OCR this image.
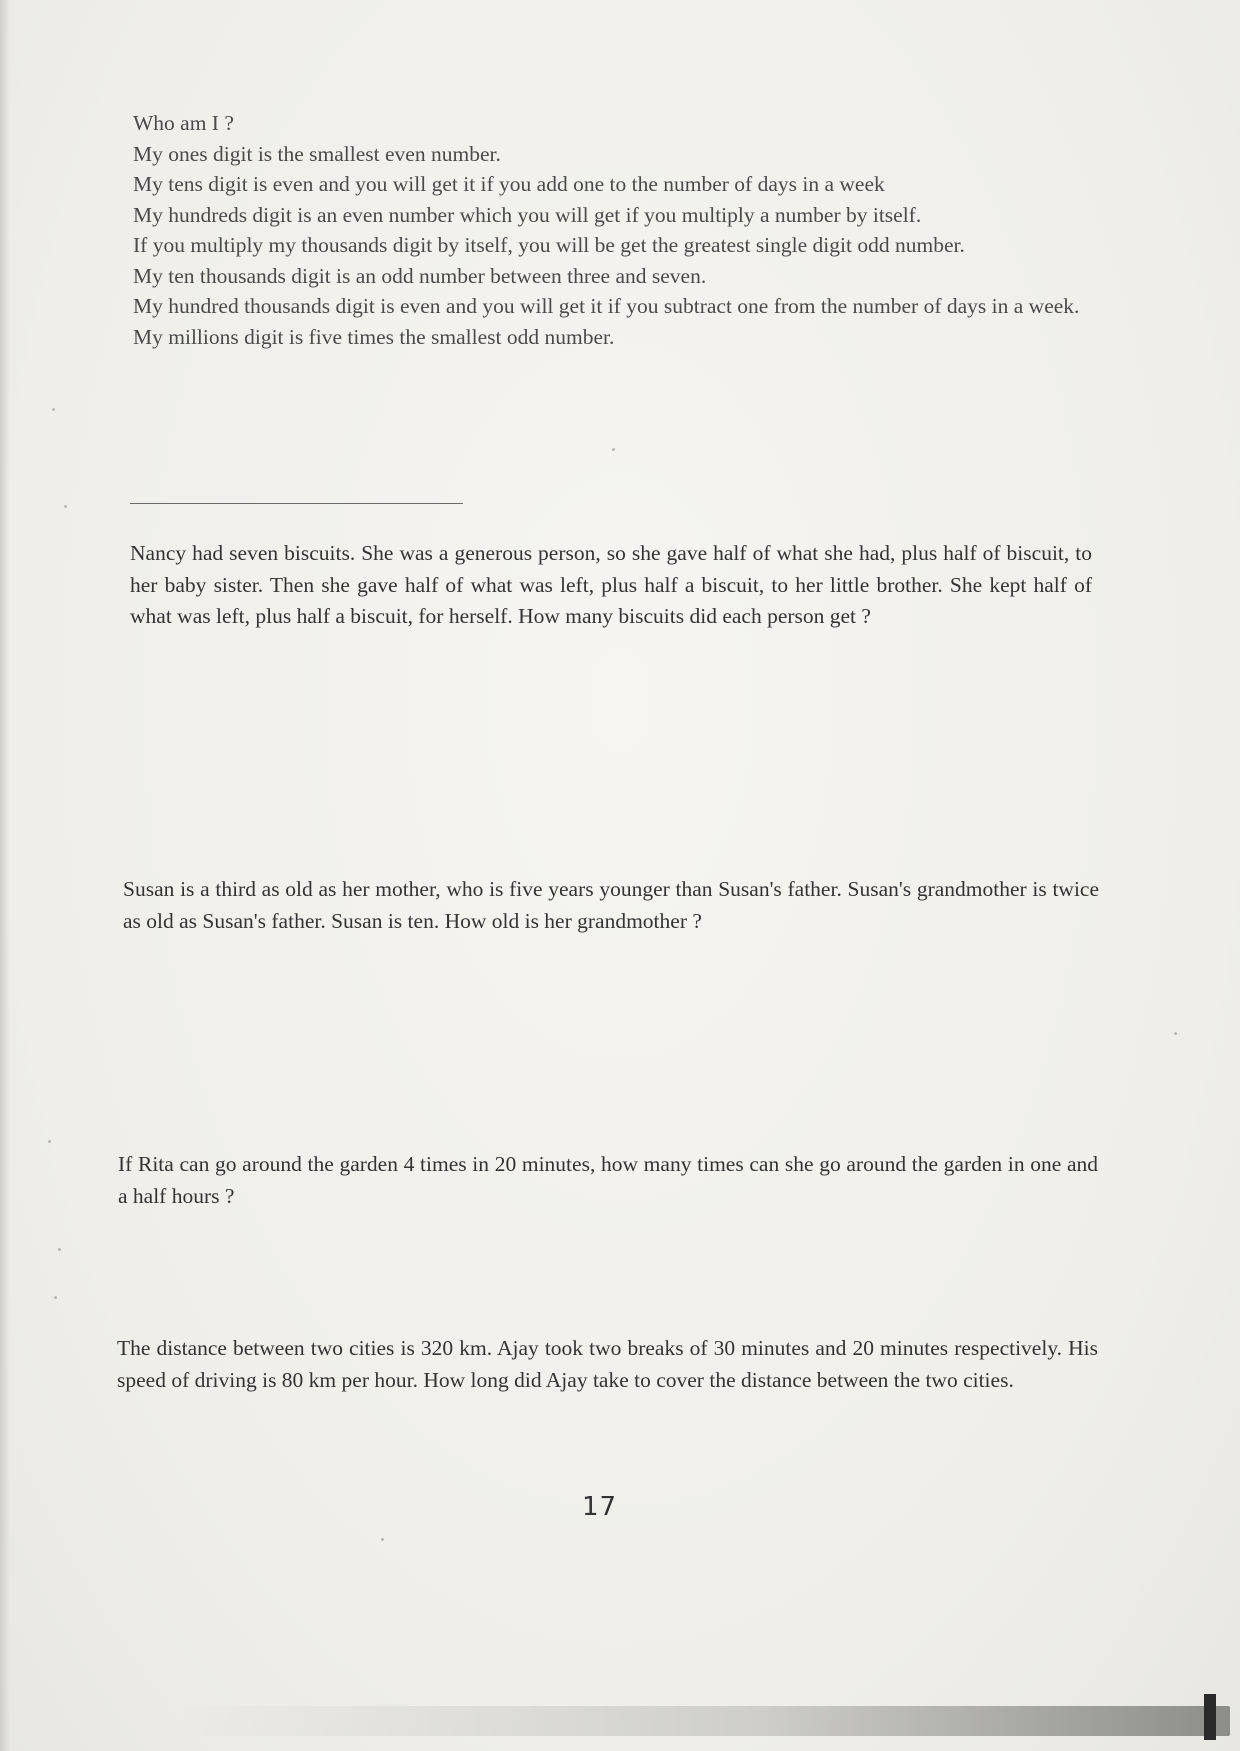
Who am I ?

My ones digit is the smallest even number.

My tens digit is even and you will get it if you add one to the number of days in a week

My hundreds digit is an even number which you will get if you multiply a number by itself.

If you multiply my thousands digit by itself, you will be get the greatest single digit odd number.

My ten thousands digit is an odd number between three and seven.

My hundred thousands digit is even and you will get it if you subtract one from the number of days in a week.

My millions digit is five times the smallest odd number.

Nancy had seven biscuits. She was a generous person, so she gave half of what she had, plus half of biscuit, to her baby sister. Then she gave half of what was left, plus half a biscuit, to her little brother. She kept half of what was left, plus half a biscuit, for herself. How many biscuits did each person get ?
Susan is a third as old as her mother, who is five years younger than Susan's father. Susan's grandmother is twice as old as Susan's father. Susan is ten. How old is her grandmother ?
If Rita can go around the garden 4 times in 20 minutes, how many times can she go around the garden in one and a half hours ?
The distance between two cities is 320 km. Ajay took two breaks of 30 minutes and 20 minutes respectively. His speed of driving is 80 km per hour. How long did Ajay take to cover the distance between the two cities.
17
